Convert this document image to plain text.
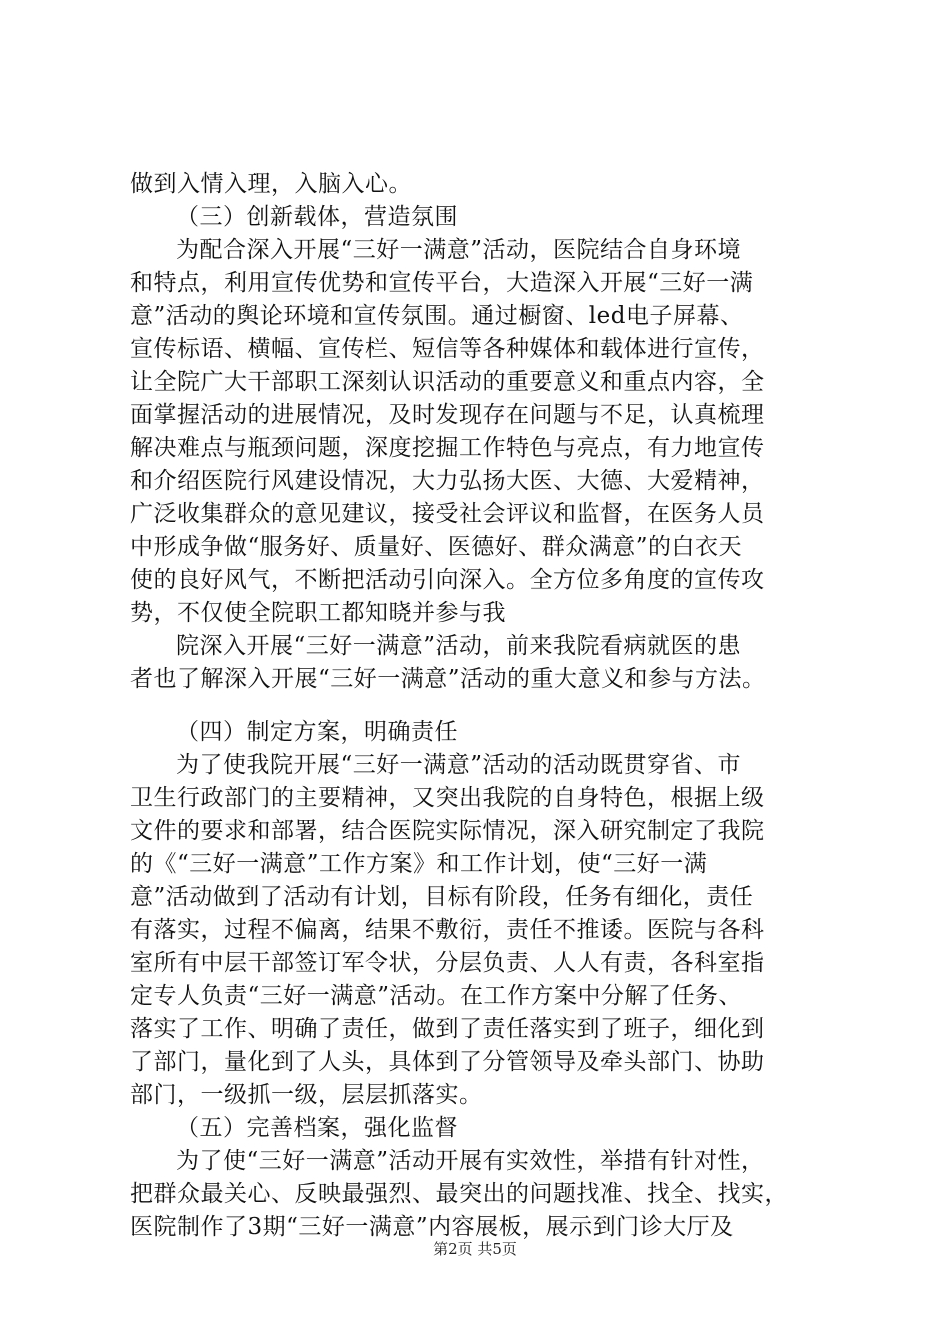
做到入情入理，入脑入心。
（三）创新载体，营造氛围
为配合深入开展“三好一满意”活动，医院结合自身环境
和特点，利用宣传优势和宣传平台，大造深入开展“三好一满
意”活动的舆论环境和宣传氛围。通过橱窗、led电子屏幕、
宣传标语、横幅、宣传栏、短信等各种媒体和载体进行宣传，
让全院广大干部职工深刻认识活动的重要意义和重点内容，全
面掌握活动的进展情况，及时发现存在问题与不足，认真梳理
解决难点与瓶颈问题，深度挖掘工作特色与亮点，有力地宣传
和介绍医院行风建设情况，大力弘扬大医、大德、大爱精神，
广泛收集群众的意见建议，接受社会评议和监督，在医务人员
中形成争做“服务好、质量好、医德好、群众满意”的白衣天
使的良好风气，不断把活动引向深入。全方位多角度的宣传攻
势，不仅使全院职工都知晓并参与我
院深入开展“三好一满意”活动，前来我院看病就医的患
者也了解深入开展“三好一满意”活动的重大意义和参与方法。
（四）制定方案，明确责任
为了使我院开展“三好一满意”活动的活动既贯穿省、市
卫生行政部门的主要精神，又突出我院的自身特色，根据上级
文件的要求和部署，结合医院实际情况，深入研究制定了我院
的《“三好一满意”工作方案》和工作计划，使“三好一满
意”活动做到了活动有计划，目标有阶段，任务有细化，责任
有落实，过程不偏离，结果不敷衍，责任不推诿。医院与各科
室所有中层干部签订军令状，分层负责、人人有责，各科室指
定专人负责“三好一满意”活动。在工作方案中分解了任务、
落实了工作、明确了责任，做到了责任落实到了班子，细化到
了部门，量化到了人头，具体到了分管领导及牵头部门、协助
部门，一级抓一级，层层抓落实。
（五）完善档案，强化监督
为了使“三好一满意”活动开展有实效性，举措有针对性，
把群众最关心、反映最强烈、最突出的问题找准、找全、找实，
医院制作了3期“三好一满意”内容展板，展示到门诊大厅及
第2页 共5页
